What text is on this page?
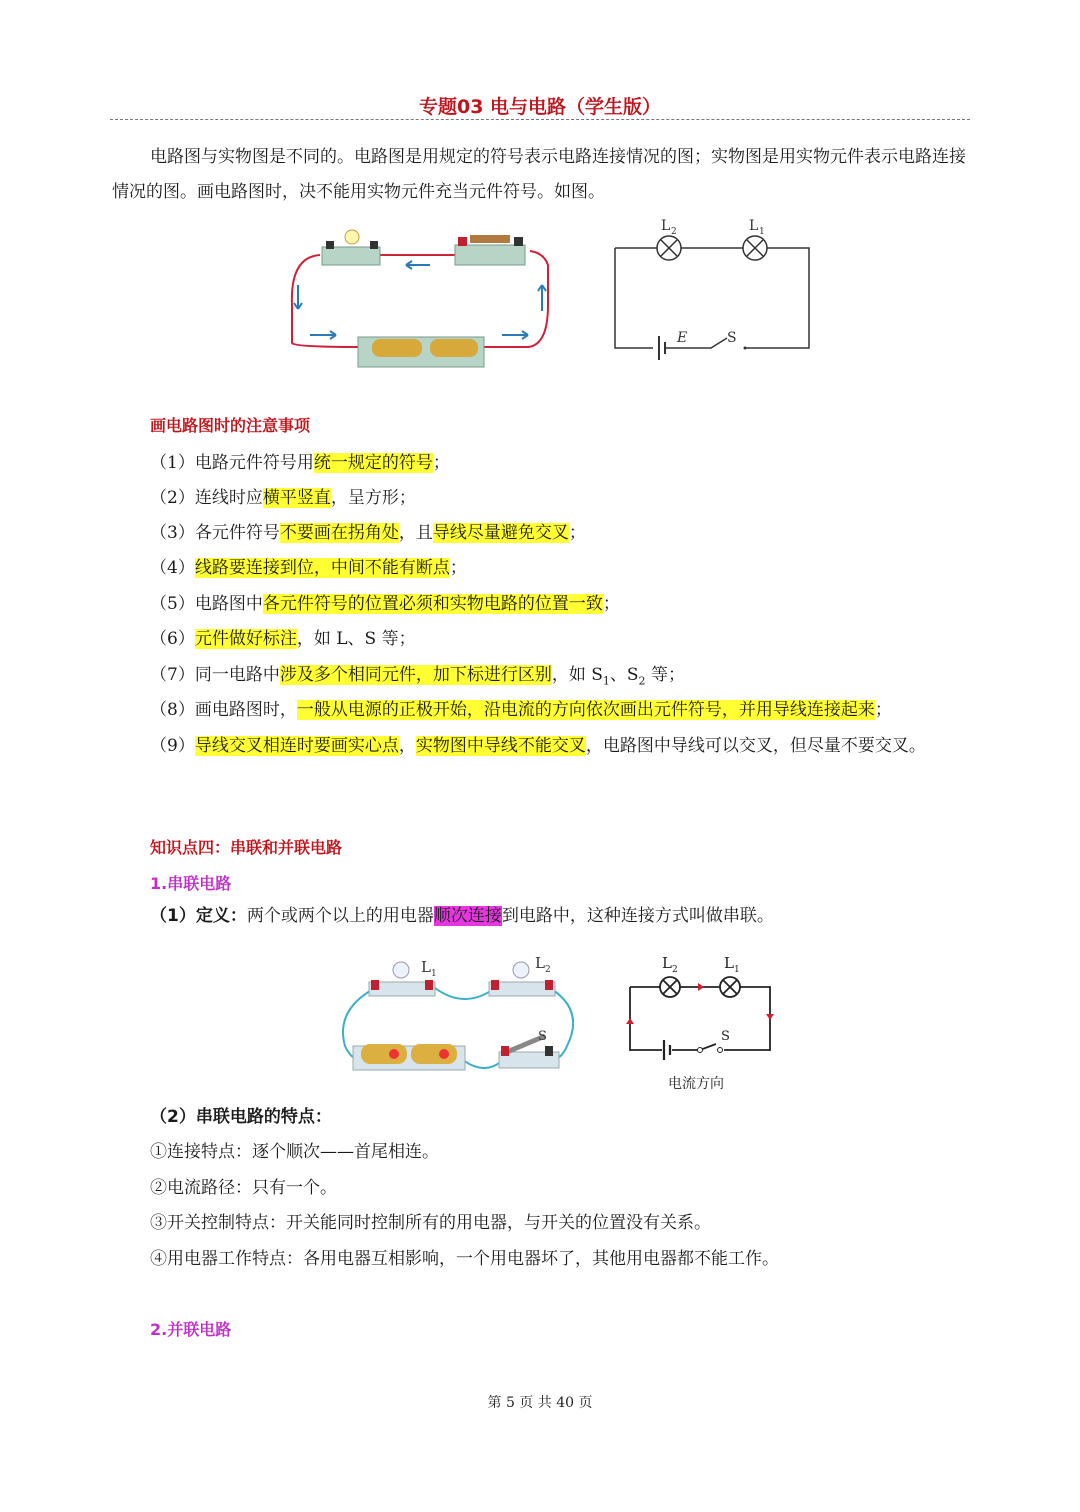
专题03 电与电路（学生版）
电路图与实物图是不同的。电路图是用规定的符号表示电路连接情况的图；实物图是用实物元件表示电路连接情况的图。画电路图时，决不能用实物元件充当元件符号。如图。
L 2	L 1
E	S
画电路图时的注意事项
（1）电路元件符号用统一规定的符号；
（2）连线时应横平竖直，呈方形；
（3）各元件符号不要画在拐角处，且导线尽量避免交叉；
（4）线路要连接到位，中间不能有断点；
（5）电路图中各元件符号的位置必须和实物电路的位置一致；
（6）元件做好标注，如 L、S 等；
（7）同一电路中涉及多个相同元件，加下标进行区别，如 $S_1$、$S_2$ 等；
（8）画电路图时，一般从电源的正极开始，沿电流的方向依次画出元件符号，并用导线连接起来；
（9）导线交叉相连时要画实心点，实物图中导线不能交叉，电路图中导线可以交叉，但尽量不要交叉。
知识点四：串联和并联电路
1.串联电路
（1）定义：两个或两个以上的用电器顺次连接到电路中，这种连接方式叫做串联。
L 1
L 2
S
L 2	L 1
S
电流方向
（2）串联电路的特点：
①连接特点：逐个顺次——首尾相连。
②电流路径：只有一个。
③开关控制特点：开关能同时控制所有的用电器，与开关的位置没有关系。
④用电器工作特点：各用电器互相影响，一个用电器坏了，其他用电器都不能工作。
2.并联电路
第 5 页 共 40 页
